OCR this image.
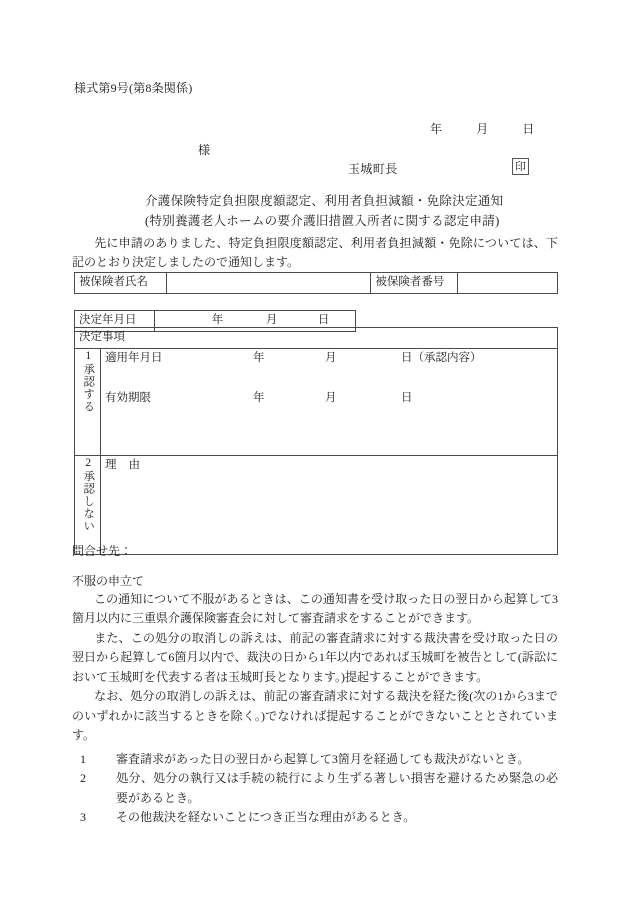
様式第9号(第8条関係)
年	月	日
様
玉城町長	印
介護保険特定負担限度額認定、利用者負担減額・免除決定通知
(特別養護老人ホームの要介護旧措置入所者に関する認定申請)
先に申請のありました、特定負担限度額認定、利用者負担減額・免除については、下記のとおり決定しましたので通知します。
被保険者氏名		被保険者番号	
決定年月日	年	月	日
決定事項	
1承認する	適用年月日 年 月 日（承認内容）
有効期限 年 月 日

2承認しない	理 由
問合せ先：
不服の申立て

この通知について不服があるときは、この通知書を受け取った日の翌日から起算して3箇月以内に三重県介護保険審査会に対して審査請求をすることができます。

また、この処分の取消しの訴えは、前記の審査請求に対する裁決書を受け取った日の翌日から起算して6箇月以内で、裁決の日から1年以内であれば玉城町を被告として(訴訟において玉城町を代表する者は玉城町長となります。)提起することができます。

なお、処分の取消しの訴えは、前記の審査請求に対する裁決を経た後(次の1から3までのいずれかに該当するときを除く。)でなければ提起することができないこととされています。

1	審査請求があった日の翌日から起算して3箇月を経過しても裁決がないとき。
2	処分、処分の執行又は手続の続行により生ずる著しい損害を避けるため緊急の必要があるとき。
3	その他裁決を経ないことにつき正当な理由があるとき。
